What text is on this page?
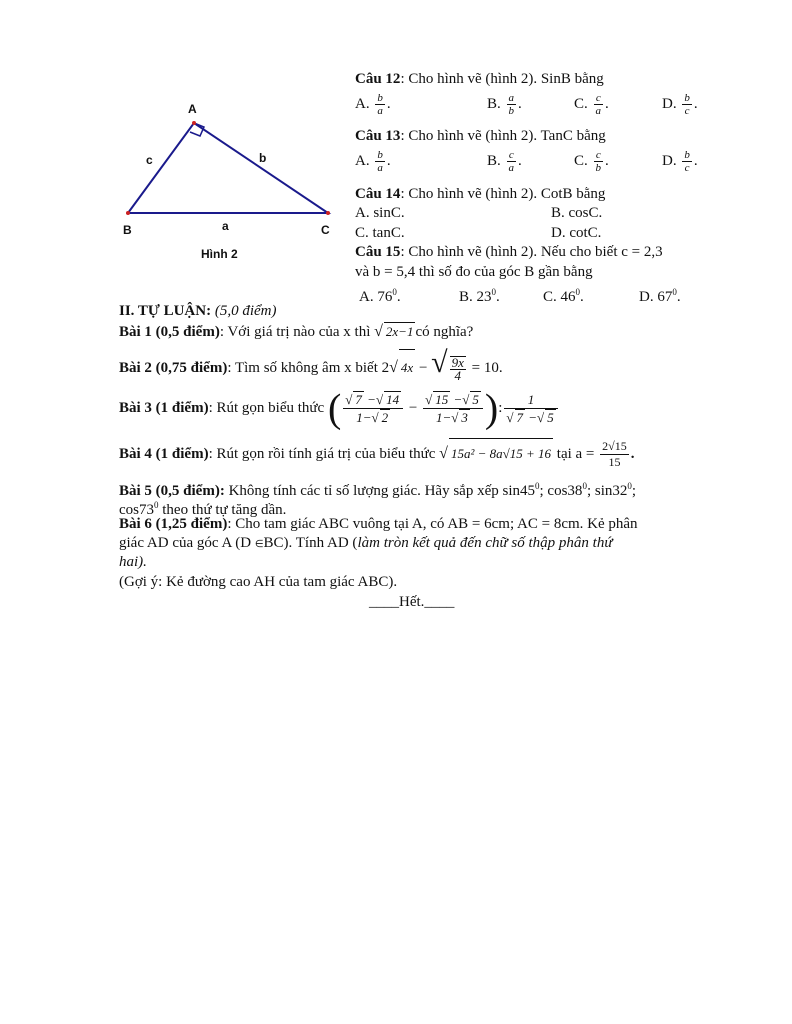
A
B	C
c	b
a
Hình 2
Câu 12: Cho hình vẽ (hình 2). SinB bằng
A. $\frac{b}{a}$ .	B. $\frac{a}{b}$ .	C. $\frac{c}{a}$ .	D. $\frac{b}{c}$ .
Câu 13: Cho hình vẽ (hình 2). TanC bằng
A. $\frac{b}{a}$ .	B. $\frac{c}{a}$ .	C. $\frac{c}{b}$ .	D. $\frac{b}{c}$ .
Câu 14: Cho hình vẽ (hình 2). CotB bằng
A. sinC.	B. cosC.
C. tanC.	D. cotC.
Câu 15: Cho hình vẽ (hình 2). Nếu cho biết c = 2,3
và b = 5,4 thì số đo của góc B gần bằng
A. $76^0$.	B. $23^0$.	C. $46^0$.	D. $67^0$.
II. TỰ LUẬN: (5,0 điểm)
Bài 1 (0,5 điểm): Với giá trị nào của x thì √ 2x−1 có nghĩa?
Bài 2 (0,75 điểm): Tìm số không âm x biết 2√ 4x − √ $\frac{9x}{4} = 10$.
Bài 3 (1 điểm): Rút gọn biểu thức ( $\frac{√ 7 -√ 14}{1-√ 2} - \frac{√ 15 -√ 5}{1-√ 3}$ ): $\frac{1}{√ 7 -√ 5}$
Bài 4 (1 điểm): Rút gọn rồi tính giá trị của biểu thức √ 15a² − 8a√15 + 16 tại $a = \frac{2√15}{15}$ .
Bài 5 (0,5 điểm): Không tính các tỉ số lượng giác. Hãy sắp xếp $\sin 45^0$; $\cos 38^0$; $\sin 32^0$;
$\cos 73^0$ theo thứ tự tăng dần.
Bài 6 (1,25 điểm): Cho tam giác ABC vuông tại A, có AB = 6cm; AC = 8cm. Kẻ phân
giác AD của góc A (D ∈BC). Tính AD (làm tròn kết quả đến chữ số thập phân thứ
hai).
(Gợi ý: Kẻ đường cao AH của tam giác ABC).
____Hết.____
